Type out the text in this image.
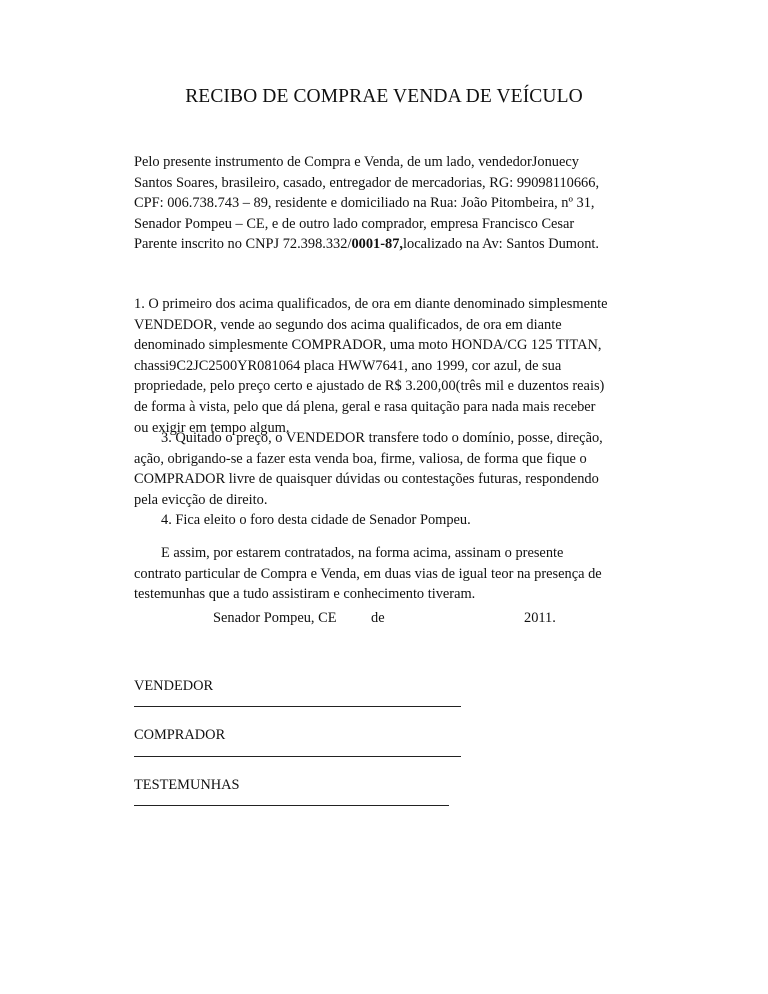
RECIBO DE COMPRAE VENDA DE VEÍCULO
Pelo presente instrumento de Compra e Venda, de um lado, vendedorJonuecy
Santos Soares, brasileiro, casado, entregador de mercadorias, RG: 99098110666,
CPF: 006.738.743 – 89, residente e domiciliado na Rua: João Pitombeira, nº 31,
Senador Pompeu – CE, e de outro lado comprador, empresa Francisco Cesar
Parente inscrito no CNPJ 72.398.332/0001-87,localizado na Av: Santos Dumont.
1. O primeiro dos acima qualificados, de ora em diante denominado simplesmente
VENDEDOR, vende ao segundo dos acima qualificados, de ora em diante
denominado simplesmente COMPRADOR, uma moto HONDA/CG 125 TITAN,
chassi9C2JC2500YR081064 placa HWW7641, ano 1999, cor azul, de sua
propriedade, pelo preço certo e ajustado de R$ 3.200,00(três mil e duzentos reais)
de forma à vista, pelo que dá plena, geral e rasa quitação para nada mais receber
ou exigir em tempo algum.
3. Quitado o preço, o VENDEDOR transfere todo o domínio, posse, direção,
ação, obrigando-se a fazer esta venda boa, firme, valiosa, de forma que fique o
COMPRADOR livre de quaisquer dúvidas ou contestações futuras, respondendo
pela evicção de direito.
4. Fica eleito o foro desta cidade de Senador Pompeu.
E assim, por estarem contratados, na forma acima, assinam o presente
contrato particular de Compra e Venda, em duas vias de igual teor na presença de
testemunhas que a tudo assistiram e conhecimento tiveram.
Senador Pompeu, CE de	2011.
VENDEDOR
COMPRADOR
TESTEMUNHAS
